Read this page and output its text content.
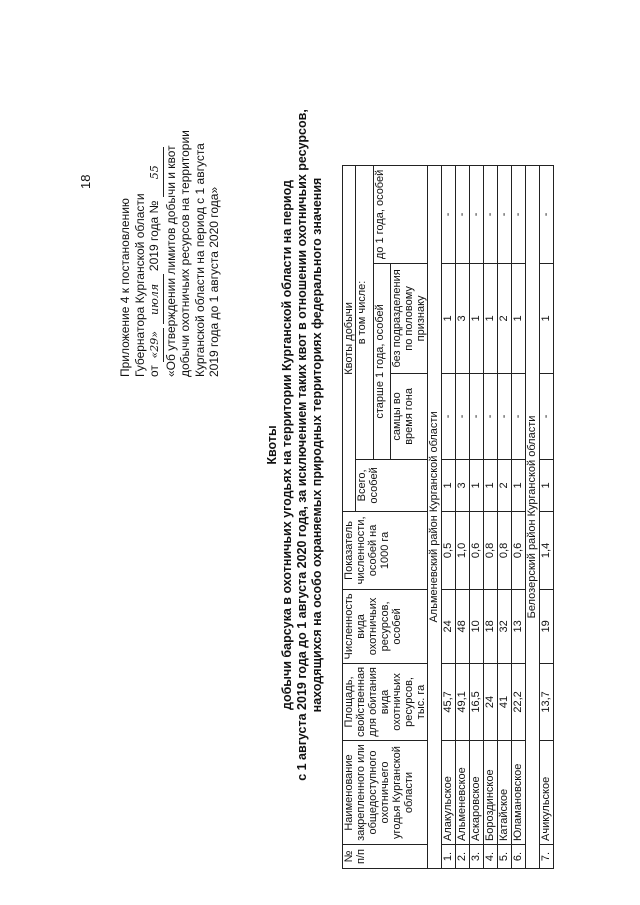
18
Приложение 4 к постановлению Губернатора Курганской области от «29» июля 2019 года № 55 «Об утверждении лимитов добычи и квот добычи охотничьих ресурсов на территории Курганской области на период с 1 августа 2019 года до 1 августа 2020 года»
Квоты добычи барсука в охотничьих угодьях на территории Курганской области на период с 1 августа 2019 года до 1 августа 2020 года, за исключением таких квот в отношении охотничьих ресурсов, находящихся на особо охраняемых природных территориях федерального значения
№ п/п	Наименование закрепленного или общедоступного охотничьего угодья Курганской области	Площадь, свойственная для обитания вида охотничьих ресурсов, тыс. га	Численность вида охотничьих ресурсов, особей	Показатель численности, особей на 1000 га	Квоты добычи			
					Всего, особей	в том числе:		
						старше 1 года, особей		до 1 года, особей
						самцы во время гона	без подразделения по половому признаку	
Альменевский район Курганской области								
1.	Алакульское	45,7	24	0,5	1	-	1	-
2.	Альменевское	49,1	48	1,0	3	-	3	-
3.	Аскаровское	16,5	10	0,6	1	-	1	-
4.	Бороздинское	24	18	0,8	1	-	1	-
5.	Катайское	41	32	0,8	2	-	2	-
6.	Юламановское	22,2	13	0,6	1	-	1	-
Белозерский район Курганской области								
7.	Ачикульское	13,7	19	1,4	1	-	1	-
